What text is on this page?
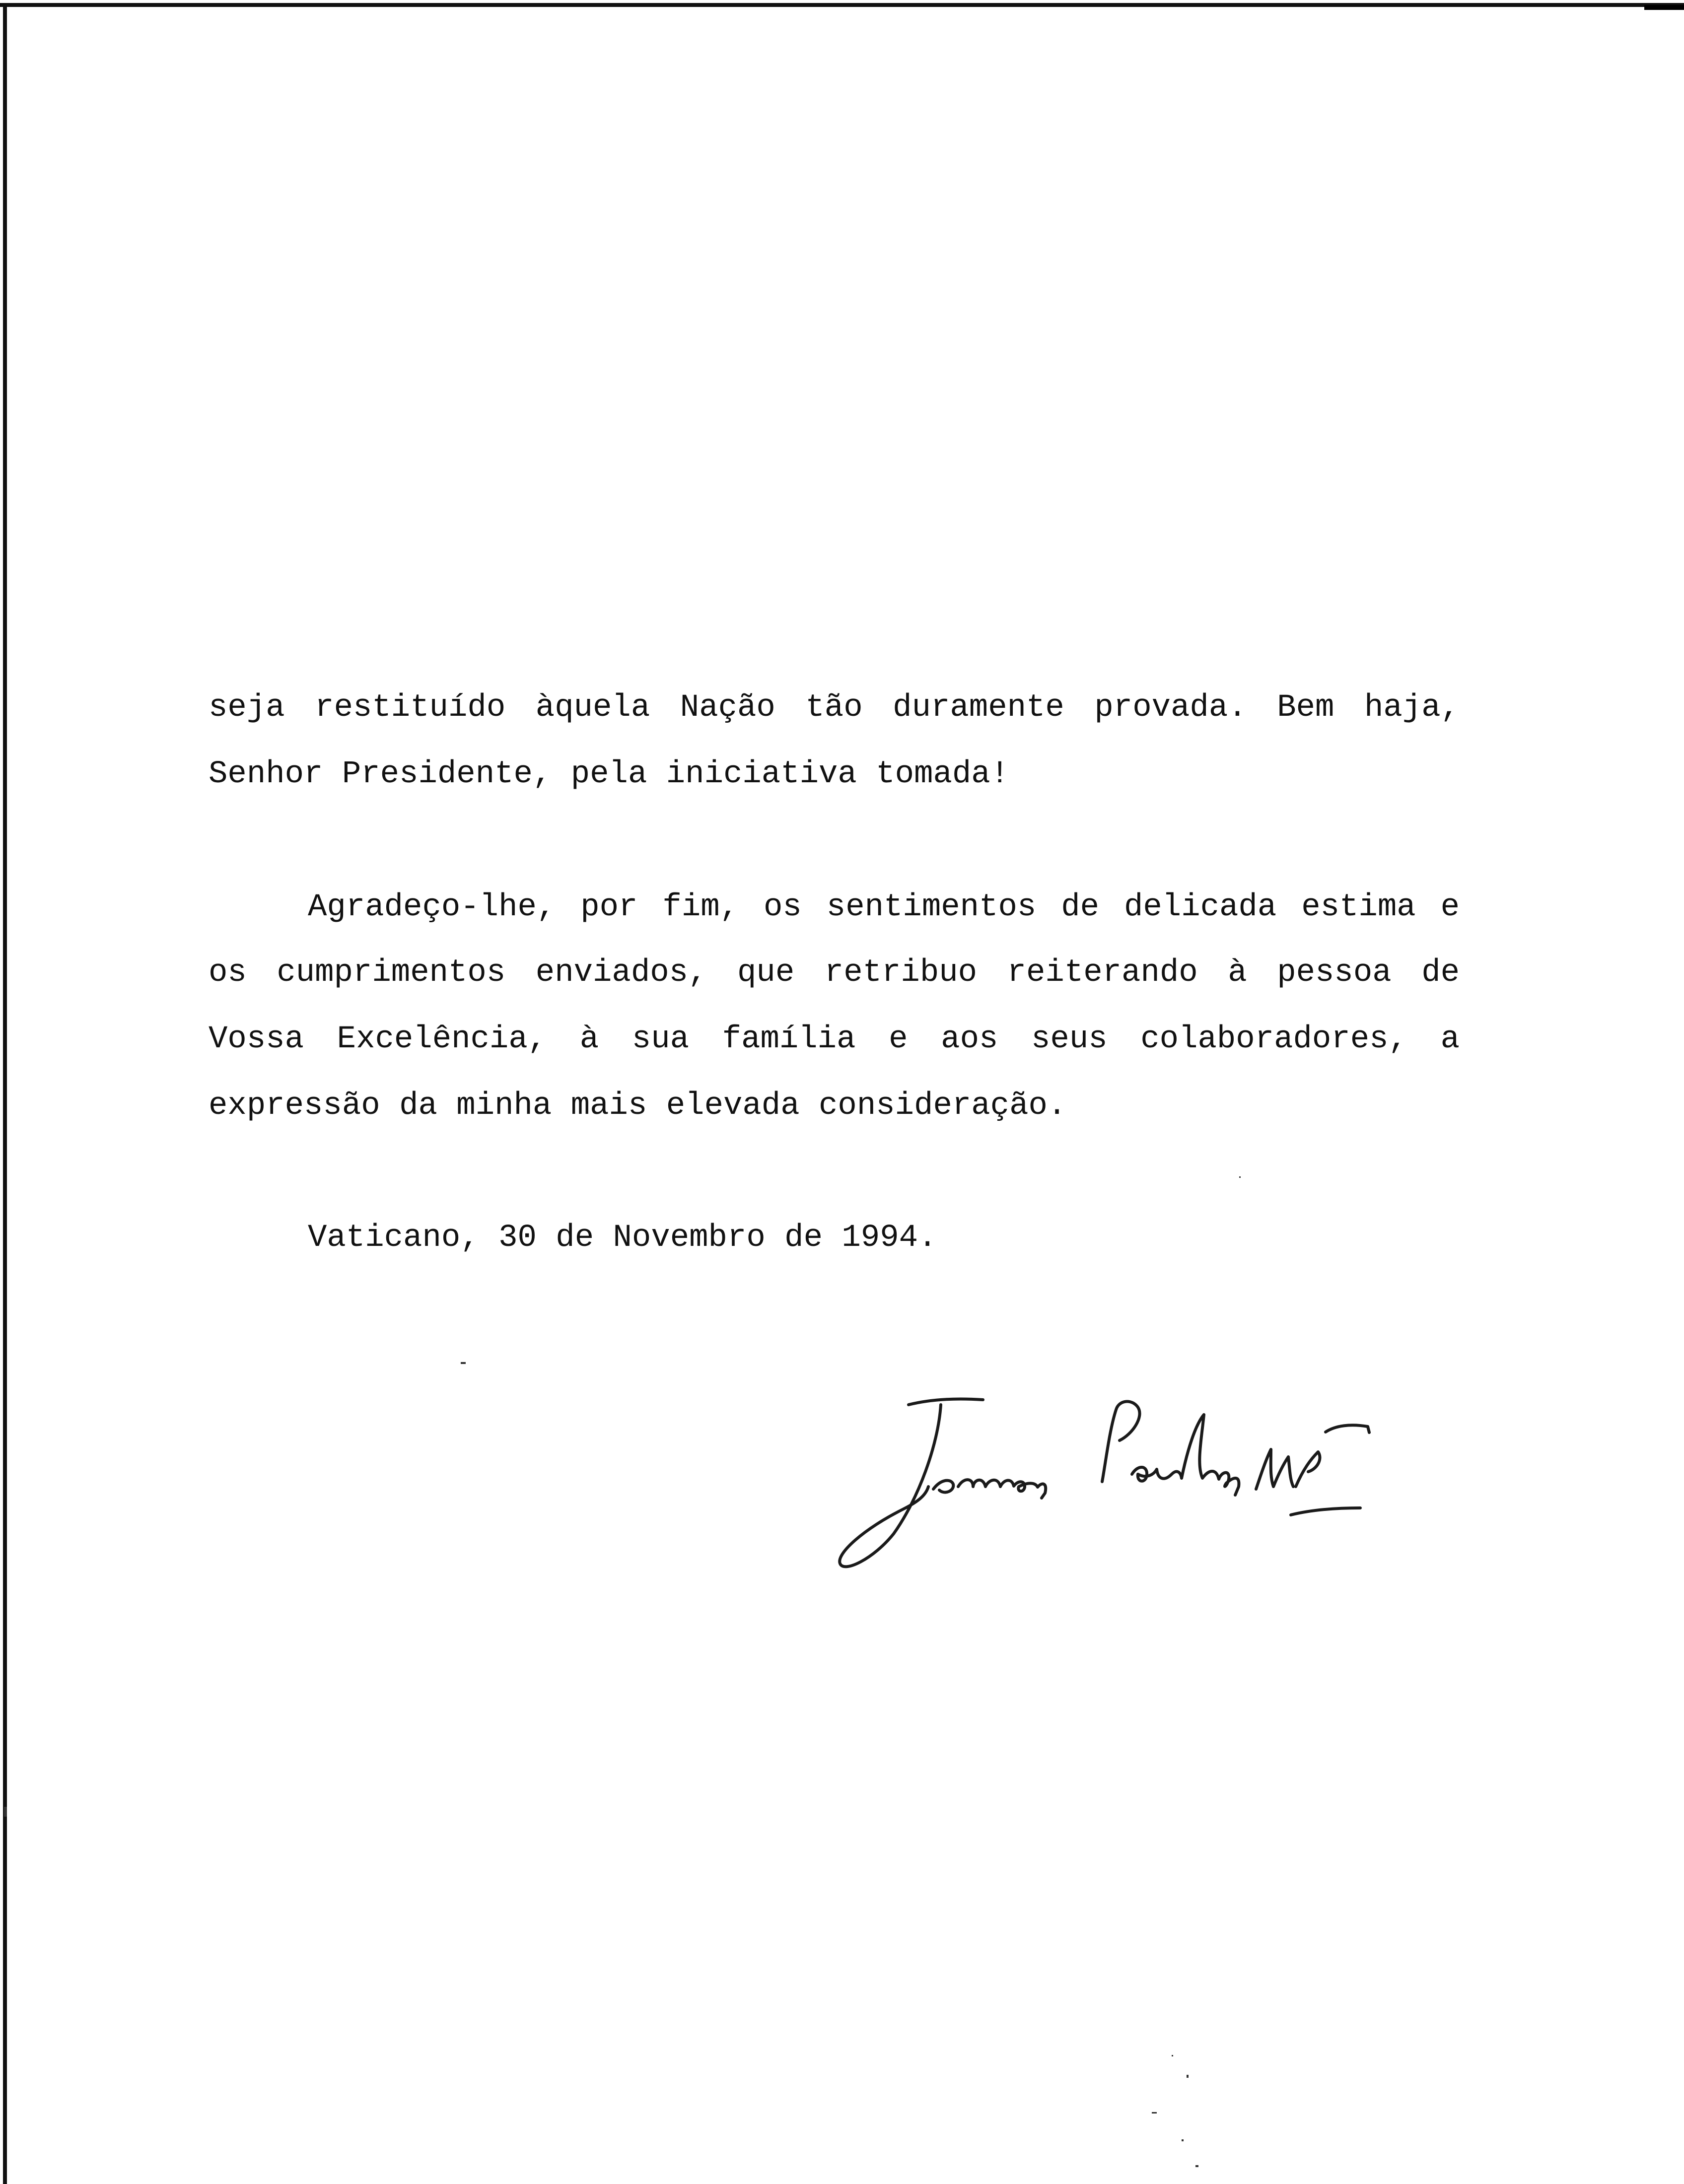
seja restituído àquela Nação tão duramente provada. Bem haja,
Senhor Presidente, pela iniciativa tomada!
Agradeço-lhe, por fim, os sentimentos de delicada estima e
os cumprimentos enviados, que retribuo reiterando à pessoa de
Vossa Excelência, à sua família e aos seus colaboradores, a
expressão da minha mais elevada consideração.
Vaticano, 30 de Novembro de 1994.
